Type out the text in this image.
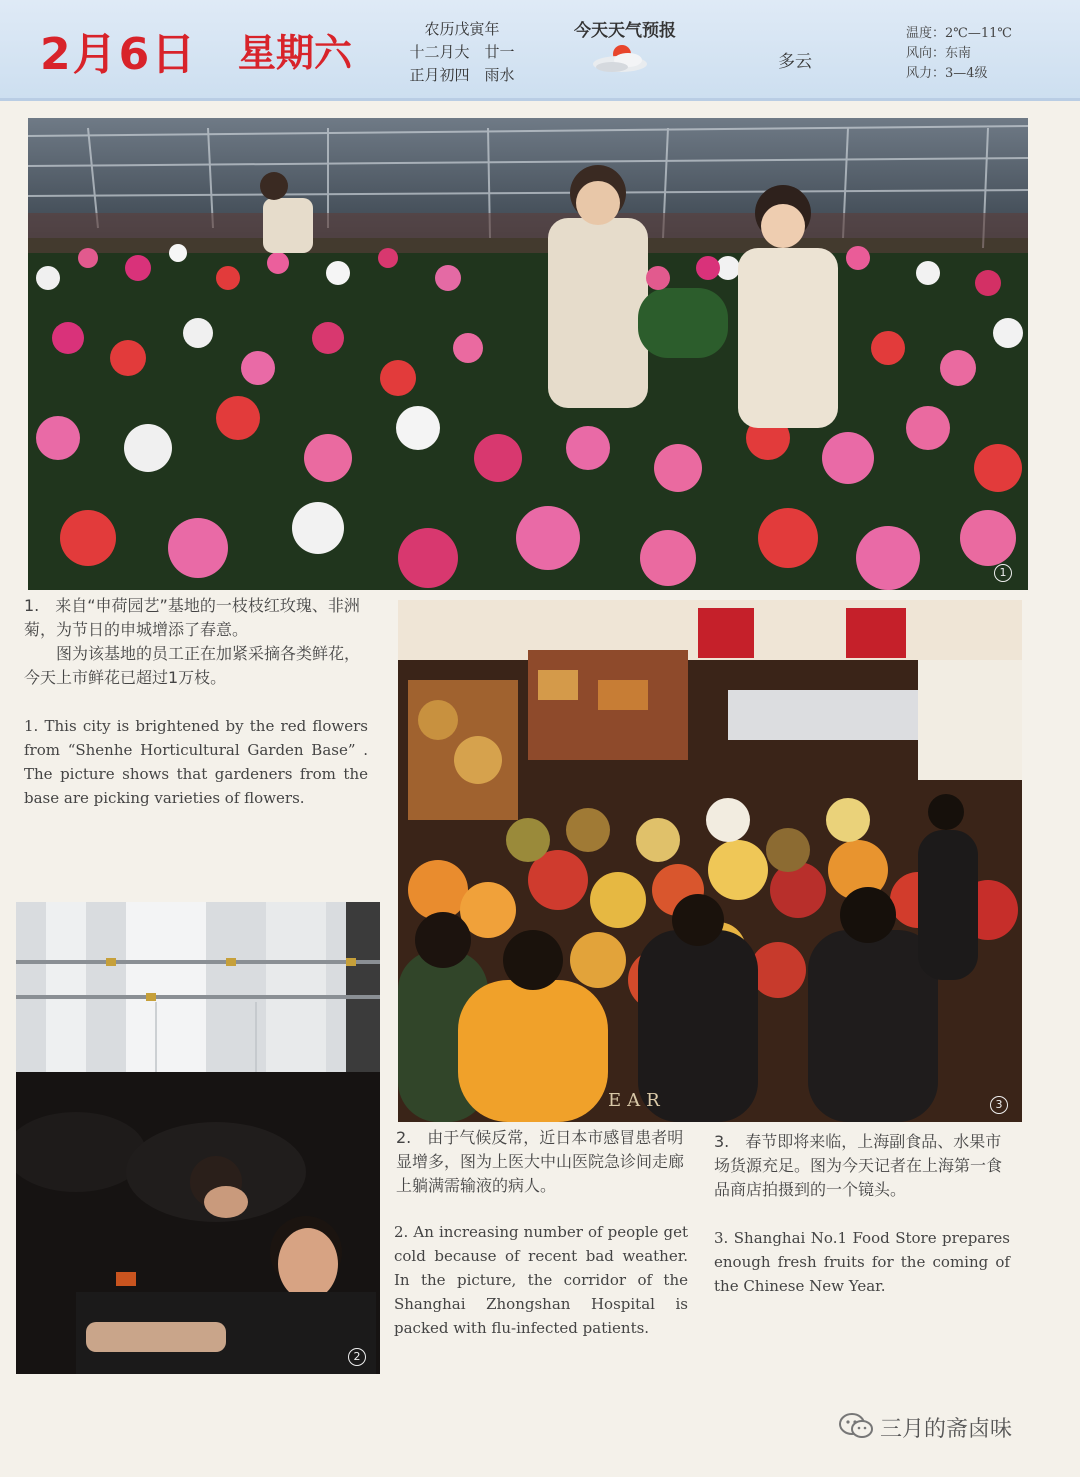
2月6日 星期六
农历戊寅年
十二月大　廿一
正月初四　雨水
今天天气预报
多云
温度：2℃—11℃
风向：东南
风力：3—4级
1
1.　来自“申荷园艺”基地的一枝枝红玫瑰、非洲菊，为节日的申城增添了春意。
图为该基地的员工正在加紧采摘各类鲜花，今天上市鲜花已超过1万枝。
1. This city is brightened by the red flowers from “Shenhe Horticultural Garden Base” . The picture shows that gardeners from the base are picking varieties of flowers.
EAR	3
2
2.　由于气候反常，近日本市感冒患者明显增多，图为上医大中山医院急诊间走廊上躺满需输液的病人。
2. An increasing number of people get cold because of recent bad weather. In the picture, the corridor of the Shanghai Zhongshan Hospital is packed with flu-infected patients.
3.　春节即将来临，上海副食品、水果市场货源充足。图为今天记者在上海第一食品商店拍摄到的一个镜头。
3. Shanghai No.1 Food Store prepares enough fresh fruits for the coming of the Chinese New Year.
三月的斋卤味
